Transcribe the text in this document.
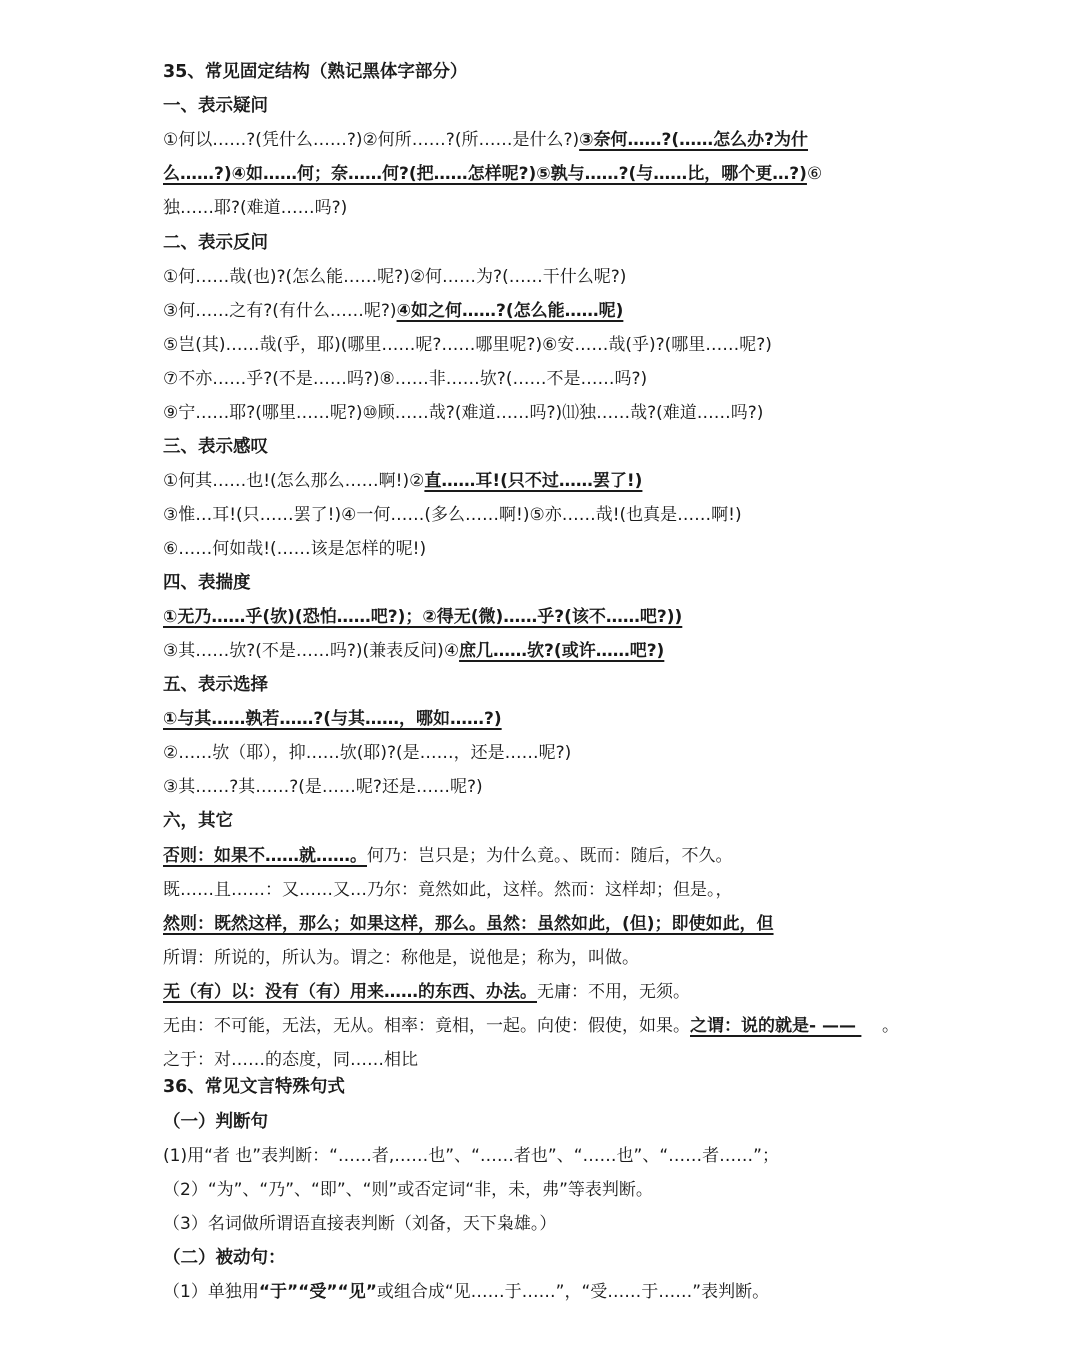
35、常见固定结构（熟记黑体字部分）
一、表示疑问
①何以……?(凭什么……?)②何所……?(所……是什么?)③奈何……?(……怎么办?为什
么……?)④如……何；奈……何?(把……怎样呢?)⑤孰与……?(与……比，哪个更…?)⑥
独……耶?(难道……吗?)
二、表示反问
①何……哉(也)?(怎么能……呢?)②何……为?(……干什么呢?)
③何……之有?(有什么……呢?)④如之何……?(怎么能……呢)
⑤岂(其)……哉(乎，耶)(哪里……呢?……哪里呢?)⑥安……哉(乎)?(哪里……呢?)
⑦不亦……乎?(不是……吗?)⑧……非……欤?(……不是……吗?)
⑨宁……耶?(哪里……呢?)⑩顾……哉?(难道……吗?)⑾独……哉?(难道……吗?)
三、表示感叹
①何其……也!(怎么那么……啊!)②直……耳!(只不过……罢了!)
③惟…耳!(只……罢了!)④一何……(多么……啊!)⑤亦……哉!(也真是……啊!)
⑥……何如哉!(……该是怎样的呢!)
四、表揣度
①无乃……乎(欤)(恐怕……吧?)；②得无(微)……乎?(该不……吧?))
③其……欤?(不是……吗?)(兼表反问)④庶几……欤?(或许……吧?)
五、表示选择
①与其……孰若……?(与其……，哪如……?)
②……欤（耶），抑……欤(耶)?(是……，还是……呢?)
③其……?其……?(是……呢?还是……呢?)
六，其它
否则：如果不……就……。何乃：岂只是；为什么竟。、既而：随后，不久。
既……且……：又……又…乃尔：竟然如此，这样。然而：这样却；但是。，
然则：既然这样，那么；如果这样，那么。虽然：虽然如此，(但)；即使如此，但
所谓：所说的，所认为。谓之：称他是，说他是；称为，叫做。
无（有）以：没有（有）用来……的东西、办法。无庸：不用，无须。
无由：不可能，无法，无从。相率：竟相，一起。向使：假使，如果。之谓：说的就是- —— 。
之于：对……的态度，同……相比
36、常见文言特殊句式
（一）判断句
(1)用“者 也”表判断：“……者,……也”、“……者也”、“……也”、“……者……”；
（2）“为”、“乃”、“即”、“则”或否定词“非，未，弗”等表判断。
（3）名词做所谓语直接表判断（刘备，天下枭雄。）
（二）被动句：
（1）单独用“于”“受”“见”或组合成“见……于……”，“受……于……”表判断。
